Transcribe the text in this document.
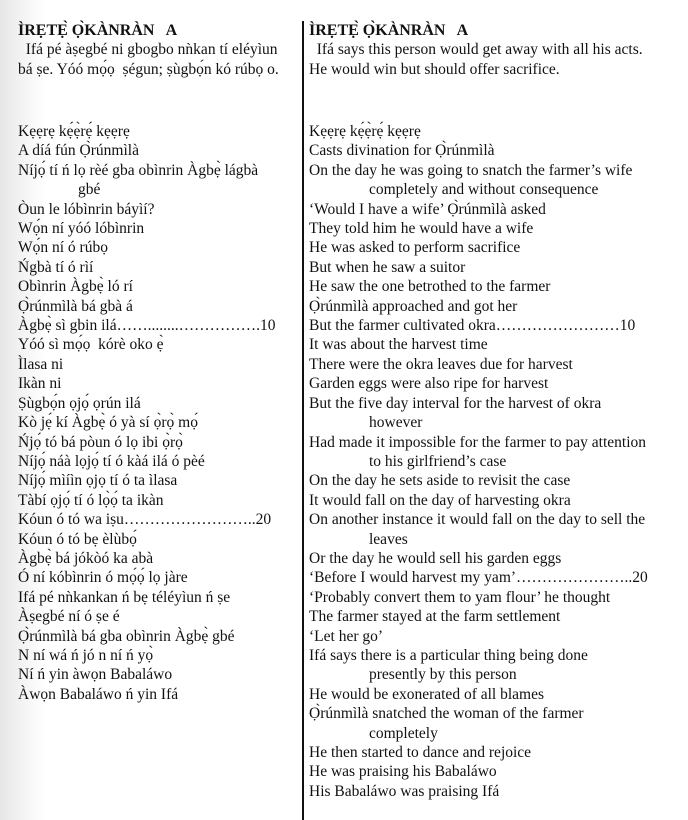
ÌRẸTẸ̀ Ọ̀KÀNRÀN   A
Ifá pé àṣegbé ni gbogbo nǹkan tí eléyìun
bá ṣe. Yóó mọ́ọ  ṣégun; ṣùgbọ́n kó rúbọ o.
Kẹẹrẹ kẹ́ẹ̀rẹ́ kẹẹrẹ
A díá fún Ọ̀rúnmìlà
Níjọ́ tí ń lọ rèé gba obìnrin Àgbẹ̀ lágbà
gbé
Òun le lóbìnrin báyìí?
Wọ́n ní yóó lóbìnrin
Wọ́n ní ó rúbọ
Ńgbà tí ó rìí
Obìnrin Àgbẹ̀ ló rí
Ọ̀rúnmìlà bá gbà á
Àgbẹ̀ sì gbin ilá……........…………….10
Yóó sì mọ́ọ  kórè oko ẹ̀
Ìlasa ni
Ikàn ni
Ṣùgbọ́n ọjọ́ ọrún ilá
Kò jẹ́ kí Àgbẹ̀ ó yà sí ọ̀rọ̀ mọ́
Ńjọ́ tó bá pòun ó lọ ibi ọ̀rọ̀
Níjọ́ náà lọjọ́ tí ó kàá ilá ó pèé
Níjọ́ mìíìn ọjọ tí ó ta ìlasa
Tàbí ọjọ́ tí ó lọ̀ọ́ ta ikàn
Kóun ó tó wa iṣu……………………..20
Kóun ó tó bẹ èlùbọ́
Àgbẹ̀ bá jókòó ka abà
Ó ní kóbìnrin ó mọ́ọ́ lọ jàre
Ifá pé nǹkankan ń bẹ téléyìun ń ṣe
Àṣegbé ní ó ṣe é
Ọ̀rúnmìlà bá gba obìnrin Àgbẹ̀ gbé
N ní wá ń jó n ní ń yọ̀
Ní ń yin àwọn Babaláwo
Àwọn Babaláwo ń yin Ifá
ÌRẸTẸ̀ Ọ̀KÀNRÀN   A
Ifá says this person would get away with all his acts.
He would win but should offer sacrifice.
Kẹẹrẹ kẹ́ẹ̀rẹ́ kẹẹrẹ
Casts divination for Ọ̀rúnmìlà
On the day he was going to snatch the farmer’s wife
completely and without consequence
‘Would I have a wife’ Ọ̀rúnmìlà asked
They told him he would have a wife
He was asked to perform sacrifice
But when he saw a suitor
He saw the one betrothed to the farmer
Ọ̀rúnmìlà approached and got her
But the farmer cultivated okra……………………10
It was about the harvest time
There were the okra leaves due for harvest
Garden eggs were also ripe for harvest
But the five day interval for the harvest of okra
however
Had made it impossible for the farmer to pay attention
to his girlfriend’s case
On the day he sets aside to revisit the case
It would fall on the day of harvesting okra
On another instance it would fall on the day to sell the
leaves
Or the day he would sell his garden eggs
‘Before I would harvest my yam’…………………..20
‘Probably convert them to yam flour’ he thought
The farmer stayed at the farm settlement
‘Let her go’
Ifá says there is a particular thing being done
presently by this person
He would be exonerated of all blames
Ọ̀rúnmìlà snatched the woman of the farmer
completely
He then started to dance and rejoice
He was praising his Babaláwo
His Babaláwo was praising Ifá
